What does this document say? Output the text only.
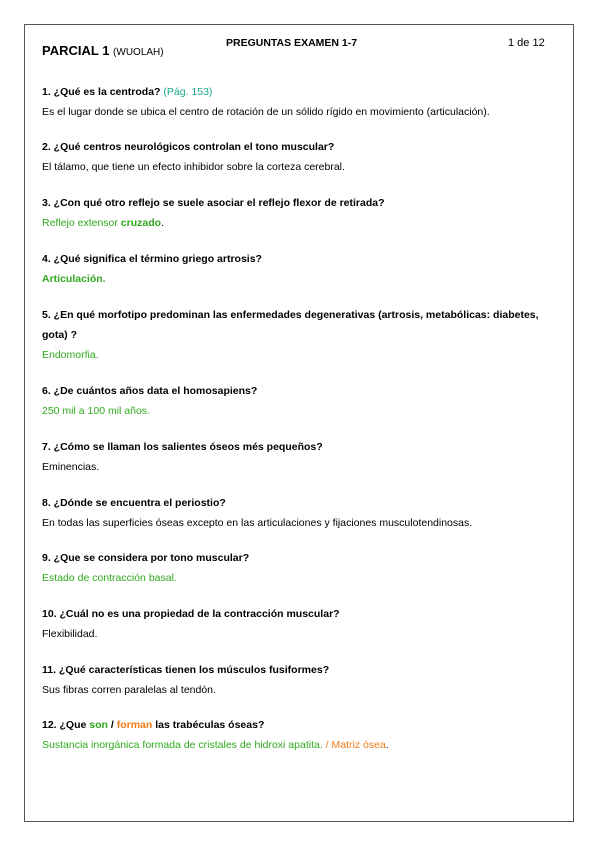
PARCIAL 1 (WUOLAH)
PREGUNTAS EXAMEN 1-7	1 de 12
1. ¿Qué es la centroda? (Pág. 153)
Es el lugar donde se ubica el centro de rotación de un sólido rígido en movimiento (articulación).
2. ¿Qué centros neurológicos controlan el tono muscular?
El tálamo, que tiene un efecto inhibidor sobre la corteza cerebral.
3. ¿Con qué otro reflejo se suele asociar el reflejo flexor de retirada?
Reflejo extensor cruzado.
4. ¿Qué significa el término griego artrosis?
Articulación.
5. ¿En qué morfotipo predominan las enfermedades degenerativas (artrosis, metabólicas: diabetes, gota) ?
Endomorfia.
6. ¿De cuántos años data el homosapiens?
250 mil a 100 mil años.
7. ¿Cómo se llaman los salientes óseos més pequeños?
Eminencias.
8. ¿Dónde se encuentra el periostio?
En todas las superficies óseas excepto en las articulaciones y fijaciones musculotendinosas.
9. ¿Que se considera por tono muscular?
Estado de contracción basal.
10. ¿Cuál no es una propiedad de la contracción muscular?
Flexibilidad.
11. ¿Qué características tienen los músculos fusiformes?
Sus fibras corren paralelas al tendón.
12. ¿Que son / forman las trabéculas óseas?
Sustancia inorgánica formada de cristales de hidroxi apatita. / Matriz ósea.
